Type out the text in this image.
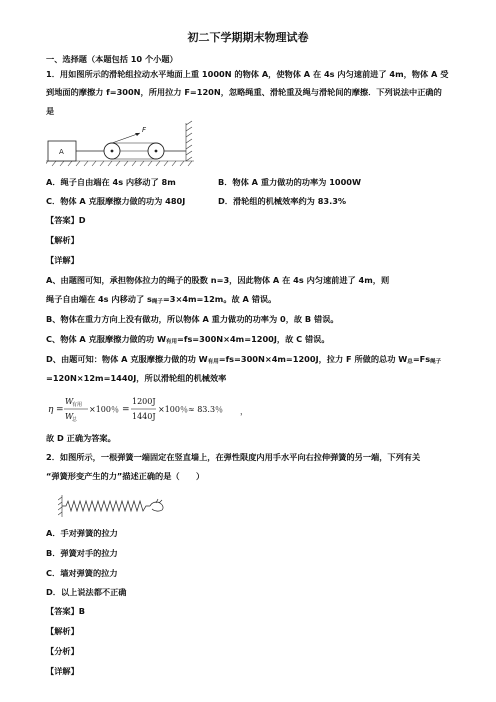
初二下学期期末物理试卷
一、选择题（本题包括 10 个小题）
1．用如图所示的滑轮组拉动水平地面上重 1000N 的物体 A，使物体 A 在 4s 内匀速前进了 4m，物体 A 受
到地面的摩擦力 f=300N，所用拉力 F=120N，忽略绳重、滑轮重及绳与滑轮间的摩擦．下列说法中正确的
是
A
F
A．绳子自由端在 4s 内移动了 8m	B．物体 A 重力做功的功率为 1000W
C．物体 A 克服摩擦力做的功为 480J	D．滑轮组的机械效率约为 83.3%
【答案】D
【解析】
【详解】
A、由题图可知，承担物体拉力的绳子的股数 n=3，因此物体 A 在 4s 内匀速前进了 4m，则
绳子自由端在 4s 内移动了 s绳子=3×4m=12m。故 A 错误。
B、物体在重力方向上没有做功，所以物体 A 重力做功的功率为 0，故 B 错误。
C、物体 A 克服摩擦力做的功 W有用=fs=300N×4m=1200J，故 C 错误。
D、由题可知：物体 A 克服摩擦力做的功 W有用=fs=300N×4m=1200J，拉力 F 所做的总功 W总=Fs绳子
=120N×12m=1440J，所以滑轮组的机械效率
η =
W
有用
W
总
×100％ =
1200J
1440J
×100％≈ 83.3％ ，
故 D 正确为答案。
2．如图所示，一根弹簧一端固定在竖直墙上，在弹性限度内用手水平向右拉伸弹簧的另一端，下列有关
“弹簧形变产生的力”描述正确的是（　　）
A．手对弹簧的拉力
B．弹簧对手的拉力
C．墙对弹簧的拉力
D．以上说法都不正确
【答案】B
【解析】
【分析】
【详解】
